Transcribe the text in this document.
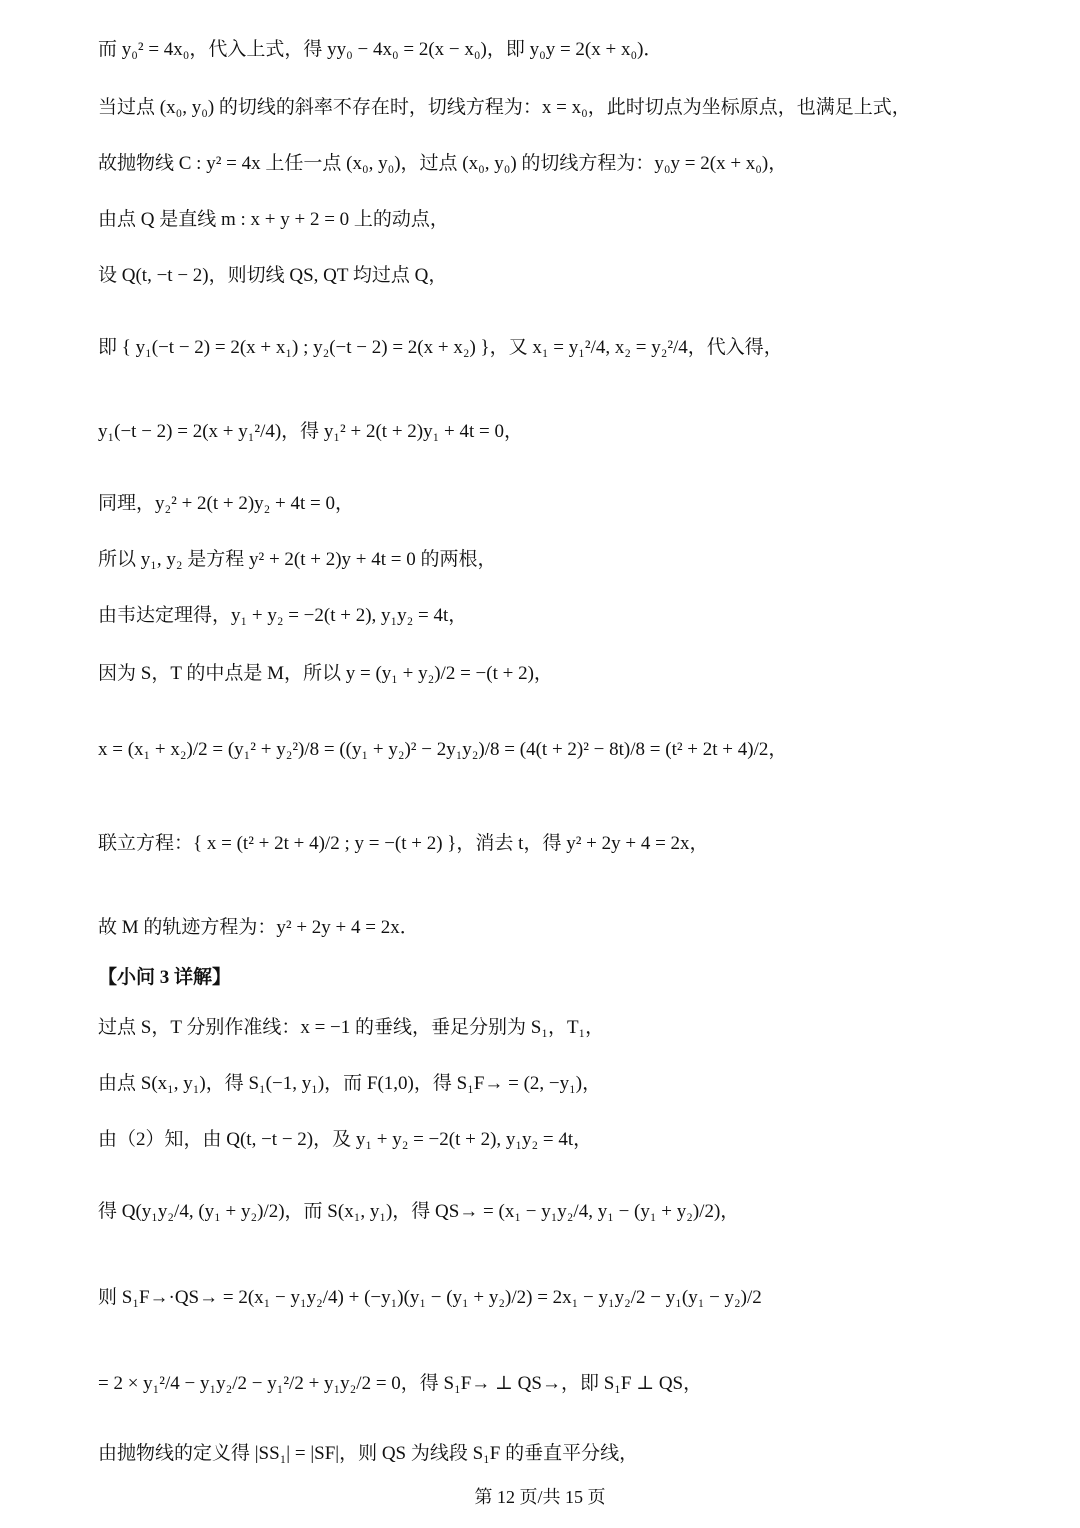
而 y₀² = 4x₀，代入上式，得 yy₀ − 4x₀ = 2(x − x₀)，即 y₀y = 2(x + x₀)．
当过点 (x₀, y₀) 的切线的斜率不存在时，切线方程为：x = x₀，此时切点为坐标原点，也满足上式，
故抛物线 C : y² = 4x 上任一点 (x₀, y₀)，过点 (x₀, y₀) 的切线方程为：y₀y = 2(x + x₀)，
由点 Q 是直线 m : x + y + 2 = 0 上的动点，
设 Q(t, −t − 2)，则切线 QS, QT 均过点 Q，
即 { y₁(−t − 2) = 2(x + x₁) ; y₂(−t − 2) = 2(x + x₂) }，又 x₁ = y₁²/4, x₂ = y₂²/4，代入得，
y₁(−t − 2) = 2(x + y₁²/4)，得 y₁² + 2(t + 2)y₁ + 4t = 0，
同理，y₂² + 2(t + 2)y₂ + 4t = 0，
所以 y₁, y₂ 是方程 y² + 2(t + 2)y + 4t = 0 的两根，
由韦达定理得，y₁ + y₂ = −2(t + 2), y₁y₂ = 4t，
因为 S，T 的中点是 M，所以 y = (y₁ + y₂)/2 = −(t + 2)，
x = (x₁ + x₂)/2 = (y₁² + y₂²)/8 = ((y₁ + y₂)² − 2y₁y₂)/8 = (4(t + 2)² − 8t)/8 = (t² + 2t + 4)/2，
联立方程：{ x = (t² + 2t + 4)/2 ; y = −(t + 2) }，消去 t，得 y² + 2y + 4 = 2x，
故 M 的轨迹方程为：y² + 2y + 4 = 2x．
【小问 3 详解】
过点 S，T 分别作准线：x = −1 的垂线，垂足分别为 S₁，T₁，
由点 S(x₁, y₁)，得 S₁(−1, y₁)，而 F(1,0)，得 S₁F→ = (2, −y₁)，
由（2）知，由 Q(t, −t − 2)，及 y₁ + y₂ = −2(t + 2), y₁y₂ = 4t，
得 Q(y₁y₂/4, (y₁ + y₂)/2)，而 S(x₁, y₁)，得 QS→ = (x₁ − y₁y₂/4, y₁ − (y₁ + y₂)/2)，
则 S₁F→·QS→ = 2(x₁ − y₁y₂/4) + (−y₁)(y₁ − (y₁ + y₂)/2) = 2x₁ − y₁y₂/2 − y₁(y₁ − y₂)/2
= 2 × y₁²/4 − y₁y₂/2 − y₁²/2 + y₁y₂/2 = 0，得 S₁F→ ⊥ QS→，即 S₁F ⊥ QS，
由抛物线的定义得 |SS₁| = |SF|，则 QS 为线段 S₁F 的垂直平分线，
第 12 页/共 15 页
